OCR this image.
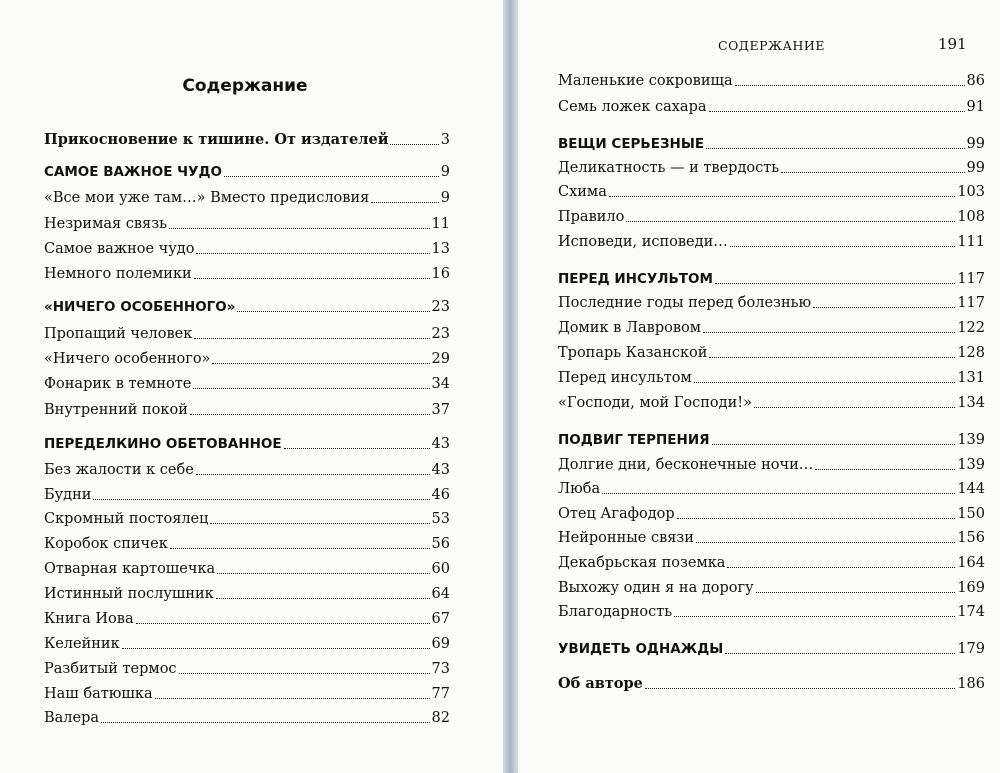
Содержание
Прикосновение к тишине. От издателей	3
САМОЕ ВАЖНОЕ ЧУДО	9
«Все мои уже там…» Вместо предисловия	9
Незримая связь	11
Самое важное чудо	13
Немного полемики	16
«НИЧЕГО ОСОБЕННОГО»	23
Пропащий человек	23
«Ничего особенного»	29
Фонарик в темноте	34
Внутренний покой	37
ПЕРЕДЕЛКИНО ОБЕТОВАННОЕ	43
Без жалости к себе	43
Будни	46
Скромный постоялец	53
Коробок спичек	56
Отварная картошечка	60
Истинный послушник	64
Книга Иова	67
Келейник	69
Разбитый термос	73
Наш батюшка	77
Валера	82
СОДЕРЖАНИЕ	191
Маленькие сокровища	86
Семь ложек сахара	91
ВЕЩИ СЕРЬЕЗНЫЕ	99
Деликатность — и твердость	99
Схима	103
Правило	108
Исповеди, исповеди…	111
ПЕРЕД ИНСУЛЬТОМ	117
Последние годы перед болезнью	117
Домик в Лавровом	122
Тропарь Казанской	128
Перед инсультом	131
«Господи, мой Господи!»	134
ПОДВИГ ТЕРПЕНИЯ	139
Долгие дни, бесконечные ночи…	139
Люба	144
Отец Агафодор	150
Нейронные связи	156
Декабрьская поземка	164
Выхожу один я на дорогу	169
Благодарность	174
УВИДЕТЬ ОДНАЖДЫ	179
Об авторе	186
